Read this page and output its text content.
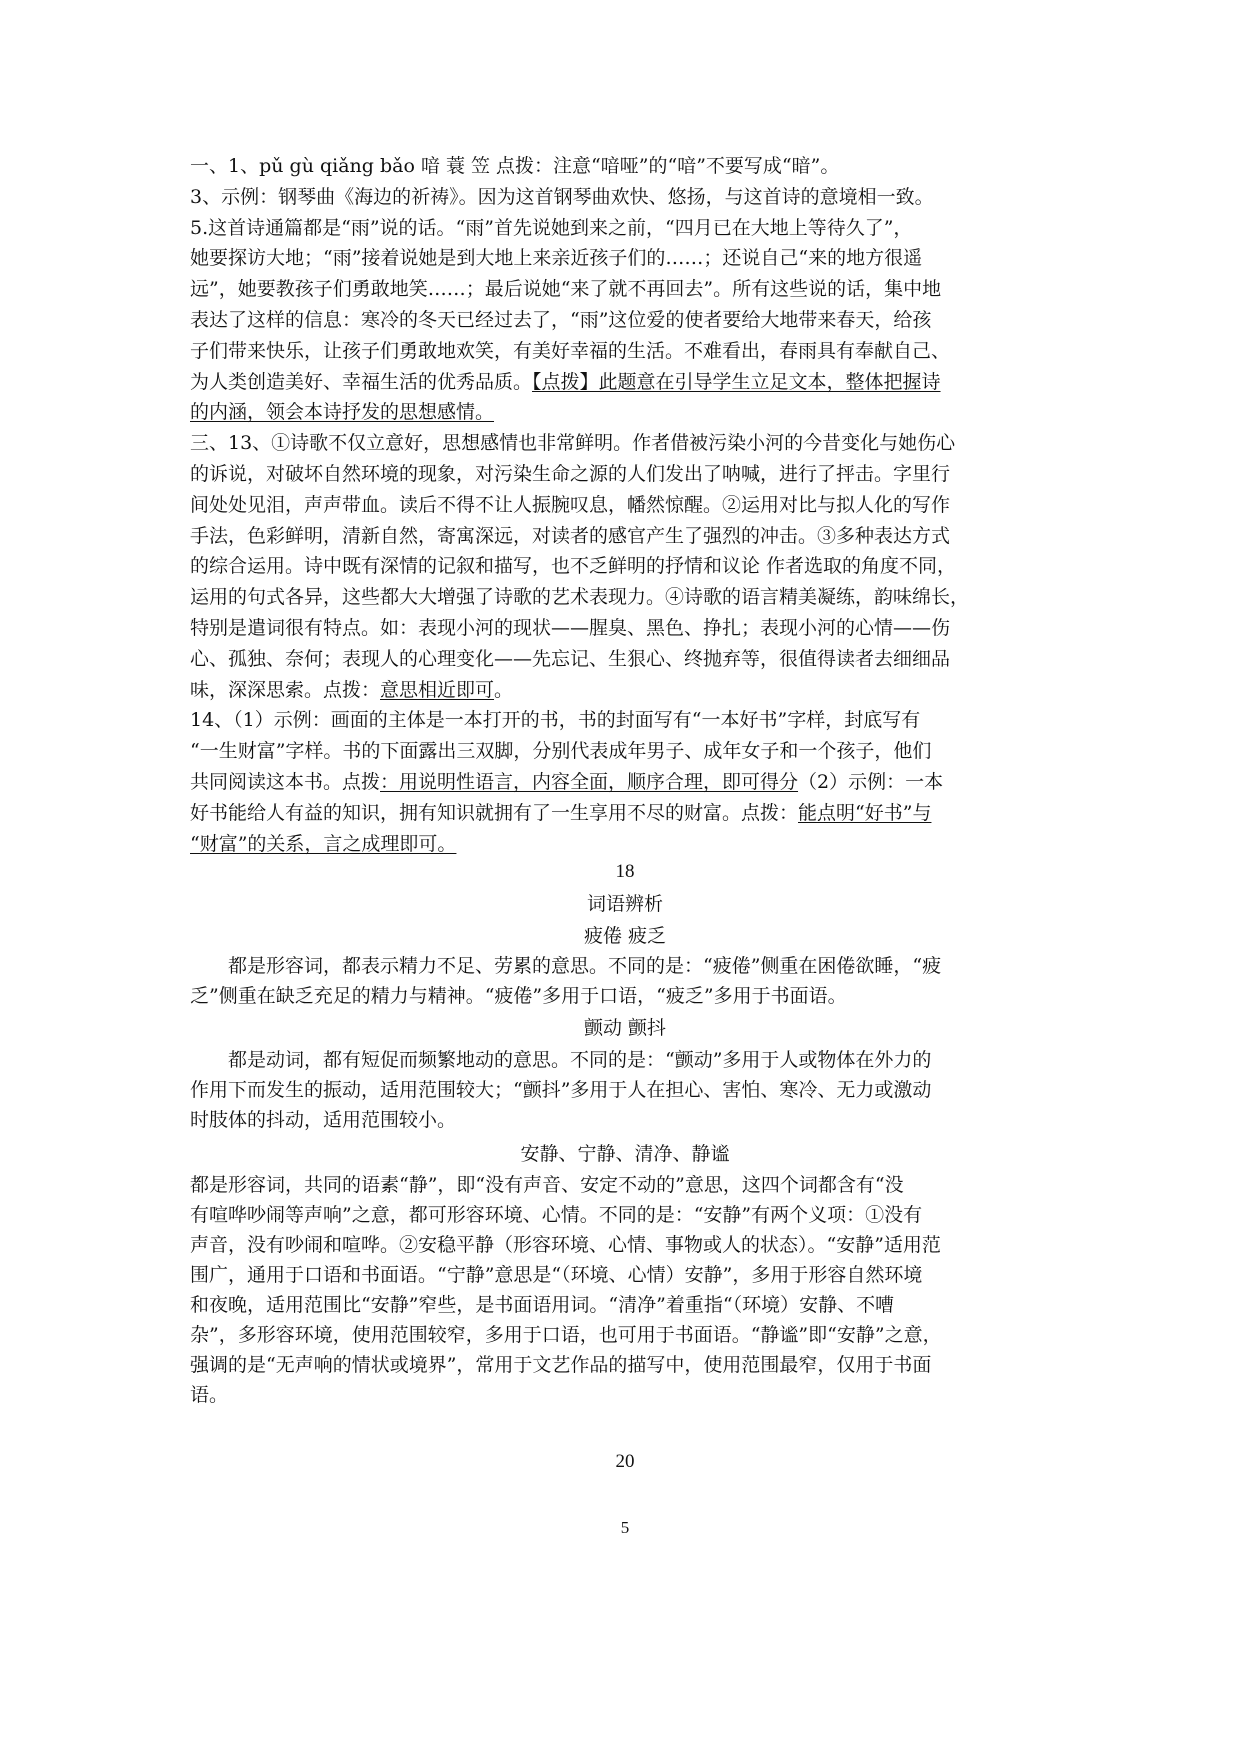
一、1、pǔ gù qiǎng bǎo 喑 蓑 笠 点拨：注意“喑哑”的“喑”不要写成“暗”。
3、示例：钢琴曲《海边的祈祷》。因为这首钢琴曲欢快、悠扬，与这首诗的意境相一致。
5.这首诗通篇都是“雨”说的话。“雨”首先说她到来之前，“四月已在大地上等待久了”，
她要探访大地；“雨”接着说她是到大地上来亲近孩子们的……；还说自己“来的地方很遥
远”，她要教孩子们勇敢地笑……；最后说她“来了就不再回去”。所有这些说的话，集中地
表达了这样的信息：寒冷的冬天已经过去了，“雨”这位爱的使者要给大地带来春天，给孩
子们带来快乐，让孩子们勇敢地欢笑，有美好幸福的生活。不难看出，春雨具有奉献自己、
为人类创造美好、幸福生活的优秀品质。【点拨】此题意在引导学生立足文本，整体把握诗
的内涵，领会本诗抒发的思想感情。
三、13、①诗歌不仅立意好，思想感情也非常鲜明。作者借被污染小河的今昔变化与她伤心
的诉说，对破坏自然环境的现象，对污染生命之源的人们发出了呐喊，进行了抨击。字里行
间处处见泪，声声带血。读后不得不让人振腕叹息，幡然惊醒。②运用对比与拟人化的写作
手法，色彩鲜明，清新自然，寄寓深远，对读者的感官产生了强烈的冲击。③多种表达方式
的综合运用。诗中既有深情的记叙和描写，也不乏鲜明的抒情和议论 作者选取的角度不同，
运用的句式各异，这些都大大增强了诗歌的艺术表现力。④诗歌的语言精美凝练，韵味绵长，
特别是遣词很有特点。如：表现小河的现状——腥臭、黑色、挣扎；表现小河的心情——伤
心、孤独、奈何；表现人的心理变化——先忘记、生狠心、终抛弃等，很值得读者去细细品
味，深深思索。点拨：意思相近即可。
14、（1）示例：画面的主体是一本打开的书，书的封面写有“一本好书”字样，封底写有
“一生财富”字样。书的下面露出三双脚，分别代表成年男子、成年女子和一个孩子，他们
共同阅读这本书。点拨：用说明性语言，内容全面，顺序合理，即可得分（2）示例：一本
好书能给人有益的知识，拥有知识就拥有了一生享用不尽的财富。点拨：能点明“好书”与
“财富”的关系，言之成理即可。
18
词语辨析
疲倦 疲乏
都是形容词，都表示精力不足、劳累的意思。不同的是：“疲倦”侧重在困倦欲睡，“疲
乏”侧重在缺乏充足的精力与精神。“疲倦”多用于口语，“疲乏”多用于书面语。
颤动 颤抖
都是动词，都有短促而频繁地动的意思。不同的是：“颤动”多用于人或物体在外力的
作用下而发生的振动，适用范围较大；“颤抖”多用于人在担心、害怕、寒冷、无力或激动
时肢体的抖动，适用范围较小。
安静、宁静、清净、静谧
都是形容词，共同的语素“静”，即“没有声音、安定不动的”意思，这四个词都含有“没
有喧哗吵闹等声响”之意，都可形容环境、心情。不同的是：“安静”有两个义项：①没有
声音，没有吵闹和喧哗。②安稳平静（形容环境、心情、事物或人的状态）。“安静”适用范
围广，通用于口语和书面语。“宁静”意思是“（环境、心情）安静”，多用于形容自然环境
和夜晚，适用范围比“安静”窄些，是书面语用词。“清净”着重指“（环境）安静、不嘈
杂”，多形容环境，使用范围较窄，多用于口语，也可用于书面语。“静谧”即“安静”之意，
强调的是“无声响的情状或境界”，常用于文艺作品的描写中，使用范围最窄，仅用于书面
语。
20
5
